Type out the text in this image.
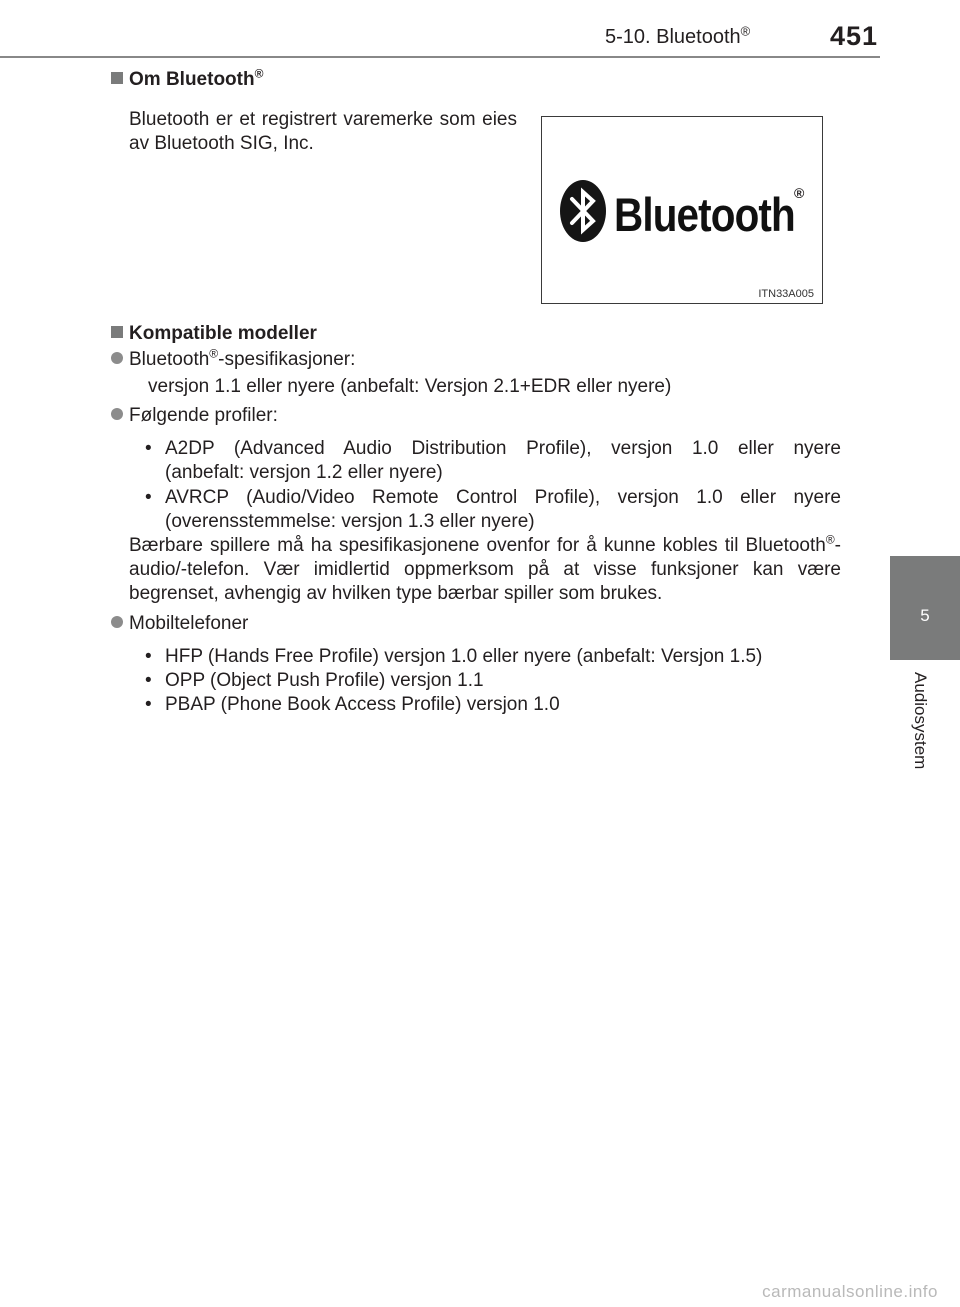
5-10. Bluetooth®	451
5
Audiosystem
Om Bluetooth®
Bluetooth er et registrert varemerke som eies av Bluetooth SIG, Inc.
Kompatible modeller
Bluetooth®-spesifikasjoner:
versjon 1.1 eller nyere (anbefalt: Versjon 2.1+EDR eller nyere)
Følgende profiler:
• A2DP (Advanced Audio Distribution Profile), versjon 1.0 eller nyere
(anbefalt: versjon 1.2 eller nyere)
• AVRCP (Audio/Video Remote Control Profile), versjon 1.0 eller nyere
(overensstemmelse: versjon 1.3 eller nyere)
Bærbare spillere må ha spesifikasjonene ovenfor for å kunne kobles til Bluetooth®-audio/-telefon. Vær imidlertid oppmerksom på at visse funksjoner kan være begrenset, avhengig av hvilken type bærbar spiller som brukes.
Mobiltelefoner
• HFP (Hands Free Profile) versjon 1.0 eller nyere (anbefalt: Versjon 1.5)
• OPP (Object Push Profile) versjon 1.1
• PBAP (Phone Book Access Profile) versjon 1.0
Bluetooth ®
ITN33A005
carmanualsonline.info
